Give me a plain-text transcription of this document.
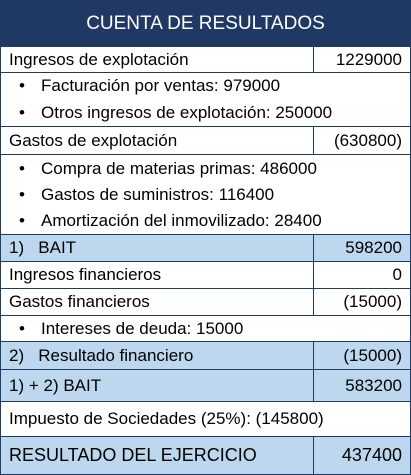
CUENTA DE RESULTADOS
Ingresos de explotación	1229000
• Facturación por ventas: 979000
• Otros ingresos de explotación: 250000
Gastos de explotación	(630800)
• Compra de materias primas: 486000
• Gastos de suministros: 116400
• Amortización del inmovilizado: 28400
1)   BAIT	598200
Ingresos financieros	0
Gastos financieros	(15000)
• Intereses de deuda: 15000
2)   Resultado financiero	(15000)
1) + 2) BAIT	583200
Impuesto de Sociedades (25%): (145800)
RESULTADO DEL EJERCICIO	437400
